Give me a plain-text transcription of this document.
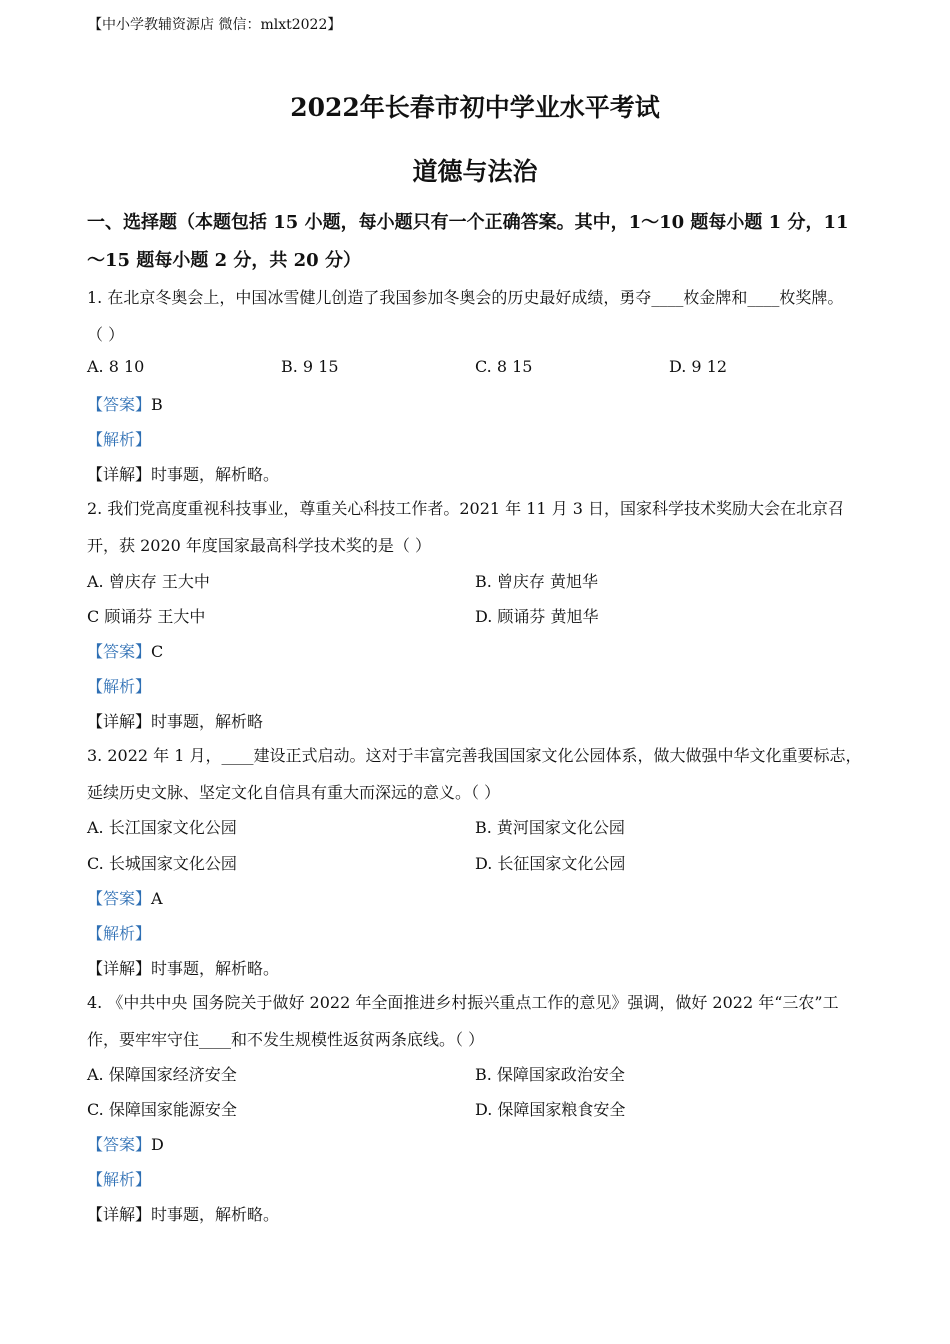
【中小学教辅资源店 微信：mlxt2022】
2022年长春市初中学业水平考试
道德与法治
一、选择题（本题包括 15 小题，每小题只有一个正确答案。其中，1～10 题每小题 1 分，11
～15 题每小题 2 分，共 20 分）
1. 在北京冬奥会上，中国冰雪健儿创造了我国参加冬奥会的历史最好成绩，勇夺____枚金牌和____枚奖牌。
（ ）
A. 8 10	B. 9 15	C. 8 15	D. 9 12
【答案】B
【解析】
【详解】时事题，解析略。
2. 我们党高度重视科技事业，尊重关心科技工作者。2021 年 11 月 3 日，国家科学技术奖励大会在北京召
开，获 2020 年度国家最高科学技术奖的是（ ）
A. 曾庆存 王大中	B. 曾庆存 黄旭华
C 顾诵芬 王大中	D. 顾诵芬 黄旭华
【答案】C
【解析】
【详解】时事题，解析略
3. 2022 年 1 月，____建设正式启动。这对于丰富完善我国国家文化公园体系，做大做强中华文化重要标志，
延续历史文脉、坚定文化自信具有重大而深远的意义。（ ）
A. 长江国家文化公园	B. 黄河国家文化公园
C. 长城国家文化公园	D. 长征国家文化公园
【答案】A
【解析】
【详解】时事题，解析略。
4. 《中共中央 国务院关于做好 2022 年全面推进乡村振兴重点工作的意见》强调，做好 2022 年“三农”工
作，要牢牢守住____和不发生规模性返贫两条底线。（ ）
A. 保障国家经济安全	B. 保障国家政治安全
C. 保障国家能源安全	D. 保障国家粮食安全
【答案】D
【解析】
【详解】时事题，解析略。
